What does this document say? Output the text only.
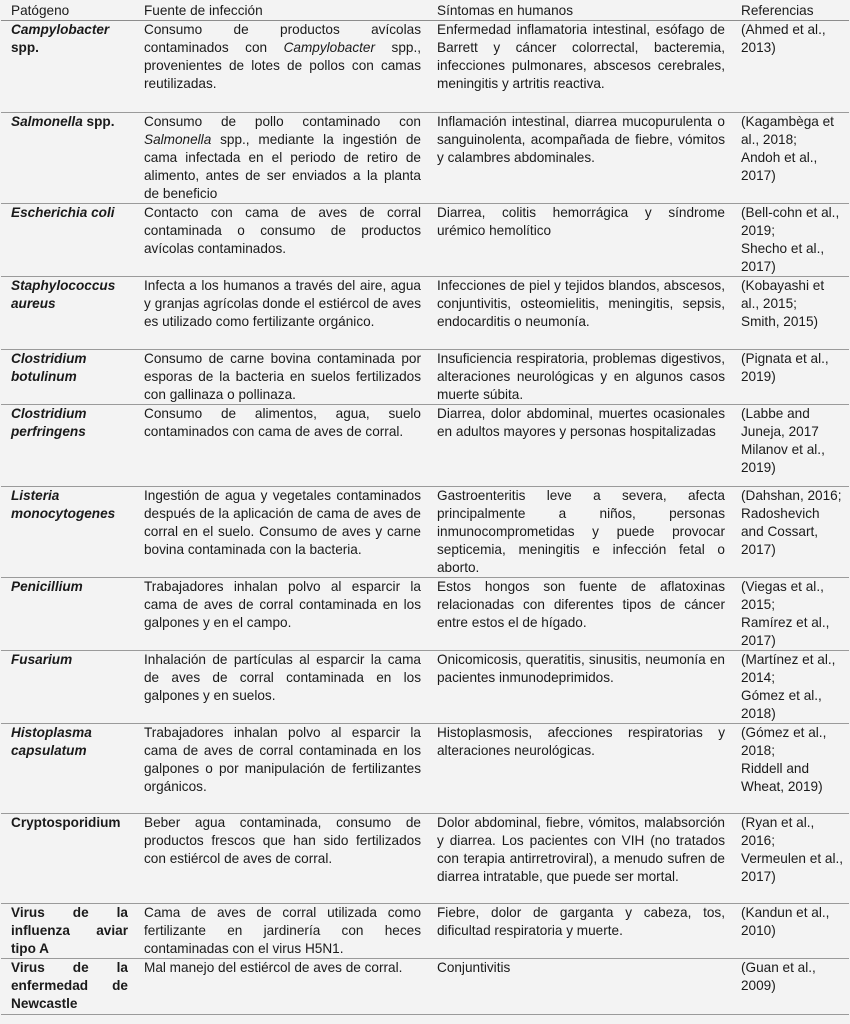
Patógeno	Fuente de infección	Síntomas en humanos	Referencias
Campylobacter spp.	Consumo de productos avícolas contaminados con Campylobacter spp., provenientes de lotes de pollos con camas reutilizadas.	Enfermedad inflamatoria intestinal, esófago de Barrett y cáncer colorrectal, bacteremia, infecciones pulmonares, abscesos cerebrales, meningitis y artritis reactiva.	(Ahmed et al., 2013)

Salmonella spp.	Consumo de pollo contaminado con Salmonella spp., mediante la ingestión de cama infectada en el periodo de retiro de alimento, antes de ser enviados a la planta de beneficio	Inflamación intestinal, diarrea mucopurulenta o sanguinolenta, acompañada de fiebre, vómitos y calambres abdominales.	(Kagambèga et al., 2018;
Andoh et al., 2017)

Escherichia coli	Contacto con cama de aves de corral contaminada o consumo de productos avícolas contaminados.	Diarrea, colitis hemorrágica y síndrome urémico hemolítico	(Bell-cohn et al., 2019;
Shecho et al., 2017)

Staphylococcus aureus	Infecta a los humanos a través del aire, agua y granjas agrícolas donde el estiércol de aves es utilizado como fertilizante orgánico.	Infecciones de piel y tejidos blandos, abscesos, conjuntivitis, osteomielitis, meningitis, sepsis, endocarditis o neumonía.	(Kobayashi et al., 2015;
Smith, 2015)

Clostridium botulinum	Consumo de carne bovina contaminada por esporas de la bacteria en suelos fertilizados con gallinaza o pollinaza.	Insuficiencia respiratoria, problemas digestivos, alteraciones neurológicas y en algunos casos muerte súbita.	(Pignata et al., 2019)

Clostridium perfringens	Consumo de alimentos, agua, suelo contaminados con cama de aves de corral.	Diarrea, dolor abdominal, muertes ocasionales en adultos mayores y personas hospitalizadas	(Labbe and Juneja, 2017
Milanov et al., 2019)

Listeria monocytogenes	Ingestión de agua y vegetales contaminados después de la aplicación de cama de aves de corral en el suelo. Consumo de aves y carne bovina contaminada con la bacteria.	Gastroenteritis leve a severa, afecta principalmente a niños, personas inmunocomprometidas y puede provocar septicemia, meningitis e infección fetal o aborto.	(Dahshan, 2016;
Radoshevich and Cossart, 2017)

Penicillium	Trabajadores inhalan polvo al esparcir la cama de aves de corral contaminada en los galpones y en el campo.	Estos hongos son fuente de aflatoxinas relacionadas con diferentes tipos de cáncer entre estos el de hígado.	(Viegas et al., 2015;
Ramírez et al., 2017)

Fusarium	Inhalación de partículas al esparcir la cama de aves de corral contaminada en los galpones y en suelos.	Onicomicosis, queratitis, sinusitis, neumonía en pacientes inmunodeprimidos.	(Martínez et al., 2014;
Gómez et al., 2018)

Histoplasma capsulatum	Trabajadores inhalan polvo al esparcir la cama de aves de corral contaminada en los galpones o por manipulación de fertilizantes orgánicos.	Histoplasmosis, afecciones respiratorias y alteraciones neurológicas.	(Gómez et al., 2018;
Riddell and Wheat, 2019)

Cryptosporidium	Beber agua contaminada, consumo de productos frescos que han sido fertilizados con estiércol de aves de corral.	Dolor abdominal, fiebre, vómitos, malabsorción y diarrea. Los pacientes con VIH (no tratados con terapia antirretroviral), a menudo sufren de diarrea intratable, que puede ser mortal.	(Ryan et al., 2016;
Vermeulen et al., 2017)

Virus de la influenza aviar tipo A	Cama de aves de corral utilizada como fertilizante en jardinería con heces contaminadas con el virus H5N1.	Fiebre, dolor de garganta y cabeza, tos, dificultad respiratoria y muerte.	(Kandun et al., 2010)

Virus de la enfermedad de Newcastle	Mal manejo del estiércol de aves de corral.	Conjuntivitis	(Guan et al., 2009)
